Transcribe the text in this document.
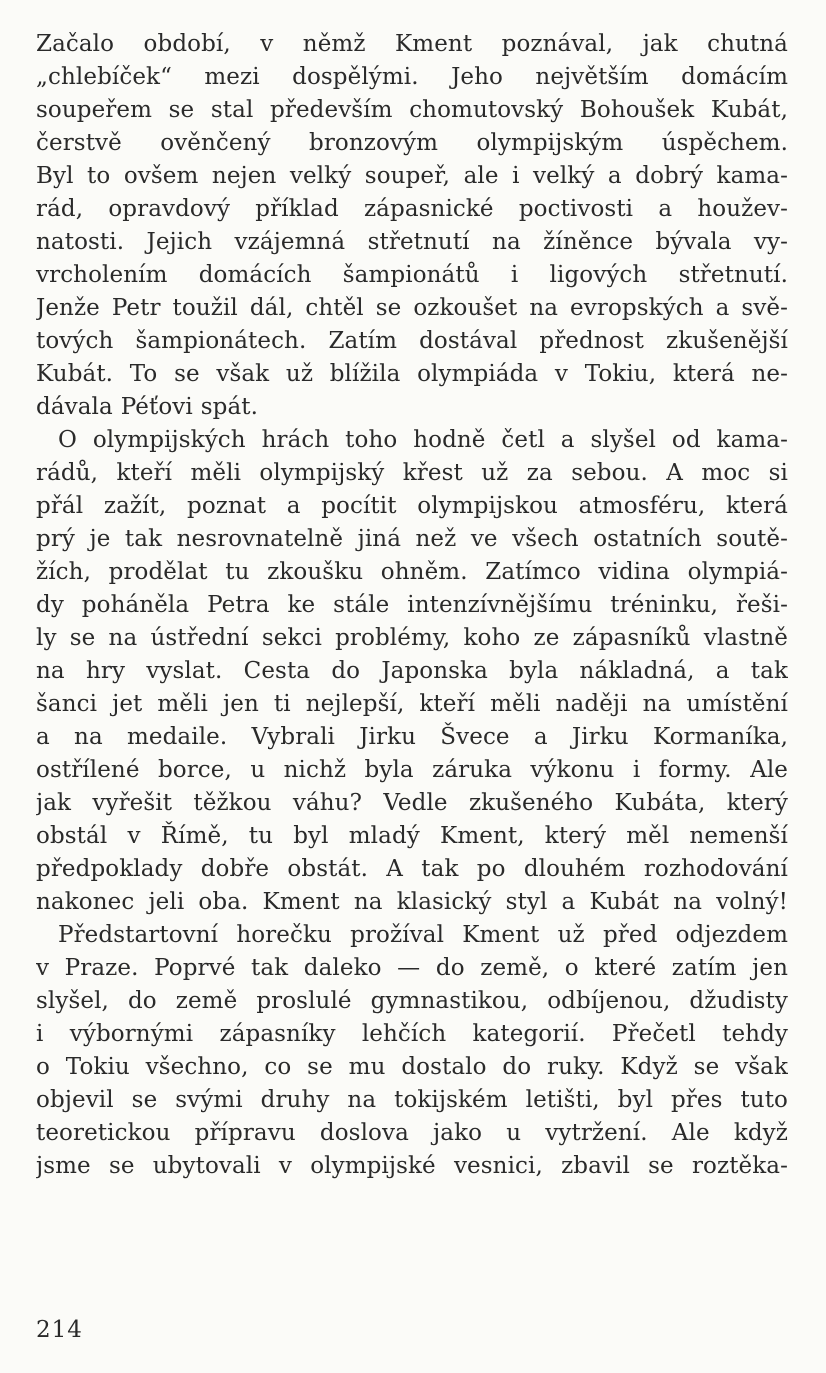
Začalo období, v němž Kment poznával, jak chutná
„chlebíček“ mezi dospělými. Jeho největším domácím
soupeřem se stal především chomutovský Bohoušek Kubát,
čerstvě ověnčený bronzovým olympijským úspěchem.
Byl to ovšem nejen velký soupeř, ale i velký a dobrý kama-
rád, opravdový příklad zápasnické poctivosti a houžev-
natosti. Jejich vzájemná střetnutí na žíněnce bývala vy-
vrcholením domácích šampionátů i ligových střetnutí.
Jenže Petr toužil dál, chtěl se ozkoušet na evropských a svě-
tových šampionátech. Zatím dostával přednost zkušenější
Kubát. To se však už blížila olympiáda v Tokiu, která ne-
dávala Péťovi spát.
O olympijských hrách toho hodně četl a slyšel od kama-
rádů, kteří měli olympijský křest už za sebou. A moc si
přál zažít, poznat a pocítit olympijskou atmosféru, která
prý je tak nesrovnatelně jiná než ve všech ostatních soutě-
žích, prodělat tu zkoušku ohněm. Zatímco vidina olympiá-
dy poháněla Petra ke stále intenzívnějšímu tréninku, řeši-
ly se na ústřední sekci problémy, koho ze zápasníků vlastně
na hry vyslat. Cesta do Japonska byla nákladná, a tak
šanci jet měli jen ti nejlepší, kteří měli naději na umístění
a na medaile. Vybrali Jirku Švece a Jirku Kormaníka,
ostřílené borce, u nichž byla záruka výkonu i formy. Ale
jak vyřešit těžkou váhu? Vedle zkušeného Kubáta, který
obstál v Římě, tu byl mladý Kment, který měl nemenší
předpoklady dobře obstát. A tak po dlouhém rozhodování
nakonec jeli oba. Kment na klasický styl a Kubát na volný!
Předstartovní horečku prožíval Kment už před odjezdem
v Praze. Poprvé tak daleko — do země, o které zatím jen
slyšel, do země proslulé gymnastikou, odbíjenou, džudisty
i výbornými zápasníky lehčích kategorií. Přečetl tehdy
o Tokiu všechno, co se mu dostalo do ruky. Když se však
objevil se svými druhy na tokijském letišti, byl přes tuto
teoretickou přípravu doslova jako u vytržení. Ale když
jsme se ubytovali v olympijské vesnici, zbavil se roztěka-
214
